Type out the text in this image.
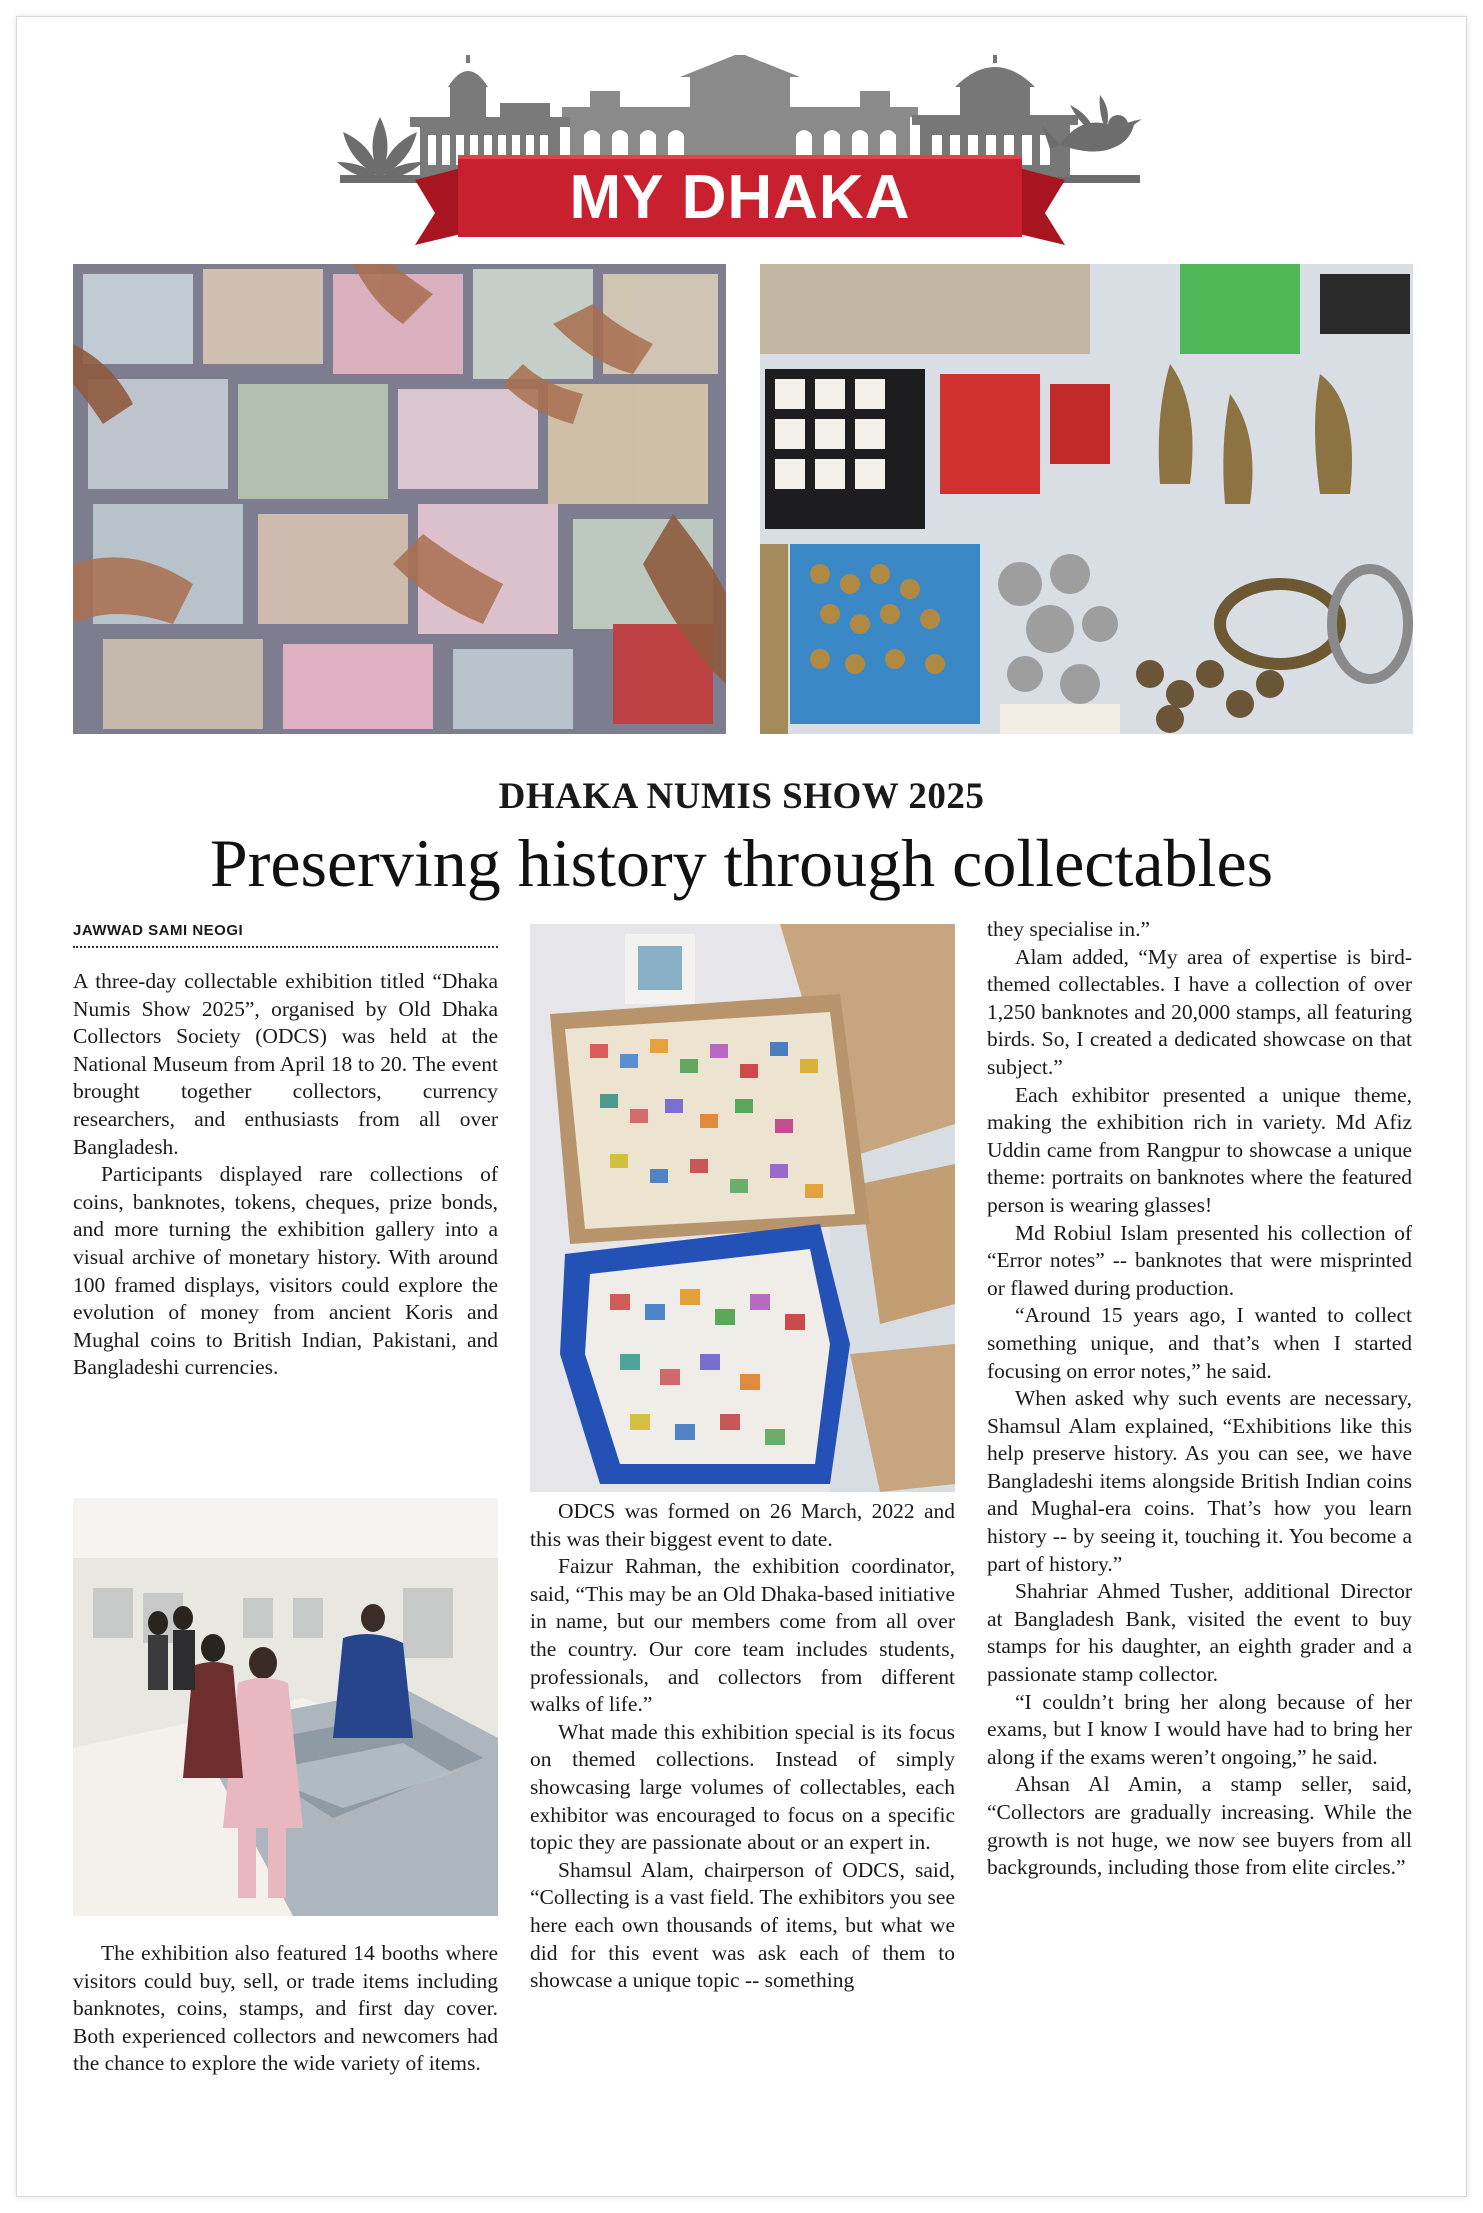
MY DHAKA
DHAKA NUMIS SHOW 2025
Preserving history through collectables
JAWWAD SAMI NEOGI

A three-day collectable exhibition titled “Dhaka Numis Show 2025”, organised by Old Dhaka Collectors Society (ODCS) was held at the National Museum from April 18 to 20. The event brought together collectors, currency researchers, and enthusiasts from all over Bangladesh.

Participants displayed rare collections of coins, banknotes, tokens, cheques, prize bonds, and more turning the exhibition gallery into a visual archive of monetary history. With around 100 framed displays, visitors could explore the evolution of money from ancient Koris and Mughal coins to British Indian, Pakistani, and Bangladeshi currencies.

The exhibition also featured 14 booths where visitors could buy, sell, or trade items including banknotes, coins, stamps, and first day cover. Both experienced collectors and newcomers had the chance to explore the wide variety of items.

ODCS was formed on 26 March, 2022 and this was their biggest event to date.

Faizur Rahman, the exhibition coordinator, said, “This may be an Old Dhaka-based initiative in name, but our members come from all over the country. Our core team includes students, professionals, and collectors from different walks of life.”

What made this exhibition special is its focus on themed collections. Instead of simply showcasing large volumes of collectables, each exhibitor was encouraged to focus on a specific topic they are passionate about or an expert in.

Shamsul Alam, chairperson of ODCS, said, “Collecting is a vast field. The exhibitors you see here each own thousands of items, but what we did for this event was ask each of them to showcase a unique topic -- something

they specialise in.”

Alam added, “My area of expertise is bird-themed collectables. I have a collection of over 1,250 banknotes and 20,000 stamps, all featuring birds. So, I created a dedicated showcase on that subject.”

Each exhibitor presented a unique theme, making the exhibition rich in variety. Md Afiz Uddin came from Rangpur to showcase a unique theme: portraits on banknotes where the featured person is wearing glasses!

Md Robiul Islam presented his collection of “Error notes” -- banknotes that were misprinted or flawed during production.

“Around 15 years ago, I wanted to collect something unique, and that’s when I started focusing on error notes,” he said.

When asked why such events are necessary, Shamsul Alam explained, “Exhibitions like this help preserve history. As you can see, we have Bangladeshi items alongside British Indian coins and Mughal-era coins. That’s how you learn history -- by seeing it, touching it. You become a part of history.”

Shahriar Ahmed Tusher, additional Director at Bangladesh Bank, visited the event to buy stamps for his daughter, an eighth grader and a passionate stamp collector.

“I couldn’t bring her along because of her exams, but I know I would have had to bring her along if the exams weren’t ongoing,” he said.

Ahsan Al Amin, a stamp seller, said, “Collectors are gradually increasing. While the growth is not huge, we now see buyers from all backgrounds, including those from elite circles.”
